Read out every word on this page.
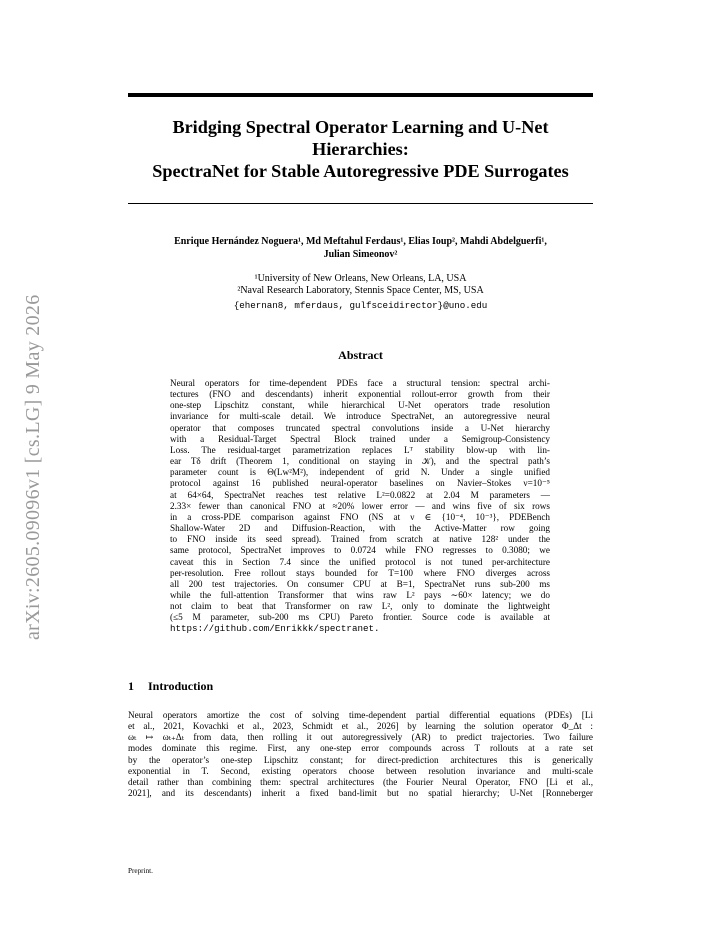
arXiv:2605.09096v1 [cs.LG] 9 May 2026
Bridging Spectral Operator Learning and U-Net
Hierarchies:
SpectraNet for Stable Autoregressive PDE Surrogates
Enrique Hernández Noguera¹, Md Meftahul Ferdaus¹, Elias Ioup², Mahdi Abdelguerfi¹,
Julian Simeonov²
¹University of New Orleans, New Orleans, LA, USA
²Naval Research Laboratory, Stennis Space Center, MS, USA
{ehernan8, mferdaus, gulfsceidirector}@uno.edu
Abstract
Neural operators for time-dependent PDEs face a structural tension: spectral archi-
tectures (FNO and descendants) inherit exponential rollout-error growth from their
one-step Lipschitz constant, while hierarchical U-Net operators trade resolution
invariance for multi-scale detail. We introduce SpectraNet, an autoregressive neural
operator that composes truncated spectral convolutions inside a U-Net hierarchy
with a Residual-Target Spectral Block trained under a Semigroup-Consistency
Loss. The residual-target parametrization replaces Lᵀ stability blow-up with lin-
ear Tδ drift (Theorem 1, conditional on staying in 𝒦), and the spectral path’s
parameter count is Θ(Lw²M²), independent of grid N. Under a single unified
protocol against 16 published neural-operator baselines on Navier–Stokes ν=10⁻⁵
at 64×64, SpectraNet reaches test relative L²=0.0822 at 2.04 M parameters —
2.33× fewer than canonical FNO at ≈20% lower error — and wins five of six rows
in a cross-PDE comparison against FNO (NS at ν ∈ {10⁻⁴, 10⁻³}, PDEBench
Shallow-Water 2D and Diffusion-Reaction, with the Active-Matter row going
to FNO inside its seed spread). Trained from scratch at native 128² under the
same protocol, SpectraNet improves to 0.0724 while FNO regresses to 0.3080; we
caveat this in Section 7.4 since the unified protocol is not tuned per-architecture
per-resolution. Free rollout stays bounded for T=100 where FNO diverges across
all 200 test trajectories. On consumer CPU at B=1, SpectraNet runs sub-200 ms
while the full-attention Transformer that wins raw L² pays ∼60× latency; we do
not claim to beat that Transformer on raw L², only to dominate the lightweight
(≤5 M parameter, sub-200 ms CPU) Pareto frontier. Source code is available at
https://github.com/Enrikkk/spectranet.
1 Introduction
Neural operators amortize the cost of solving time-dependent partial differential equations (PDEs) [Li
et al., 2021, Kovachki et al., 2023, Schmidt et al., 2026] by learning the solution operator Φ_Δt :
ωₜ ↦ ωₜ₊Δₜ from data, then rolling it out autoregressively (AR) to predict trajectories. Two failure
modes dominate this regime. First, any one-step error compounds across T rollouts at a rate set
by the operator’s one-step Lipschitz constant; for direct-prediction architectures this is generically
exponential in T. Second, existing operators choose between resolution invariance and multi-scale
detail rather than combining them: spectral architectures (the Fourier Neural Operator, FNO [Li et al.,
2021], and its descendants) inherit a fixed band-limit but no spatial hierarchy; U-Net [Ronneberger
Preprint.
